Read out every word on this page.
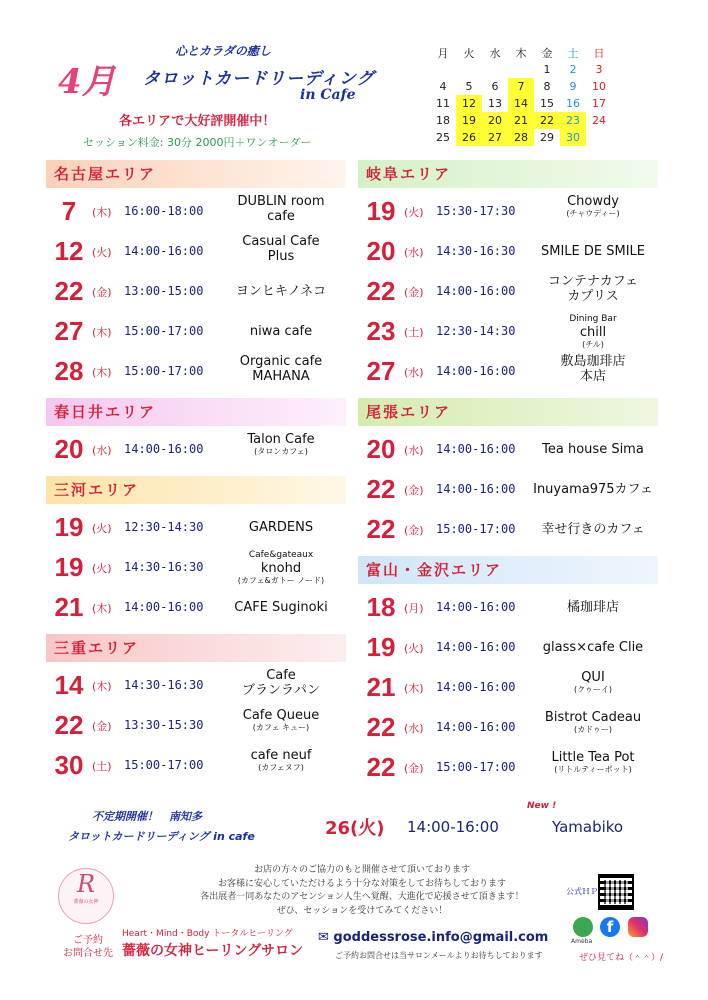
4月
心とカラダの癒し
タロットカードリーディング
in Cafe
各エリアで大好評開催中！
セッション料金: 30分 2000円＋ワンオーダー
月	火	水	木	金	土	日
				1	2	3
4	5	6	7	8	9	10
11	12	13	14	15	16	17
18	19	20	21	22	23	24
25	26	27	28	29	30	
名古屋エリア
7	(木) 16:00-18:00
DUBLIN room
cafe
12 (火) 14:00-16:00
Casual Cafe
Plus
22 (金) 13:00-15:00	ヨンヒキノネコ
27 (木) 15:00-17:00	niwa cafe
28 (木) 15:00-17:00
Organic cafe
MAHANA
春日井エリア
20 (水) 14:00-16:00
Talon Cafe
(タロンカフェ)
三河エリア
19 (火) 12:30-14:30	GARDENS
19 (火) 14:30-16:30
Cafe&gateaux
knohd
(カフェ&ガトー ノード)
21 (木) 14:00-16:00	CAFE Suginoki
三重エリア
14 (木) 14:30-16:30
Cafe
ブランラパン
22 (金) 13:30-15:30
Cafe Queue
(カフェ キュー)
30 (土) 15:00-17:00
cafe neuf
(カフェヌフ)
岐阜エリア
19 (火) 15:30-17:30
Chowdy
(チャウディー)
20 (水) 14:30-16:30	SMILE DE SMILE
22 (金) 14:00-16:00
コンテナカフェ
カプリス
23 (土) 12:30-14:30
Dining Bar
chill
(チル)
27 (水) 14:00-16:00
敷島珈琲店
本店
尾張エリア
20 (水) 14:00-16:00	Tea house Sima
22 (金) 14:00-16:00	Inuyama975カフェ
22 (金) 15:00-17:00	幸せ行きのカフェ
富山・金沢エリア
18 (月) 14:00-16:00	橘珈琲店
19 (火) 14:00-16:00	glass×cafe Clie
21 (木) 14:00-16:00
QUI
(クゥーイ)
22 (水) 14:00-16:00
Bistrot Cadeau
(カドゥー)
22 (金) 15:00-17:00
Little Tea Pot
(リトルティーポット)
New !
不定期開催！　南知多
タロットカードリーディング in cafe	26(火) 14:00-16:00	Yamabiko
お店の方々のご協力のもと開催させて頂いております
お客様に安心していただけるよう十分な対策をしてお待ちしております
各出展者一同あなたのアセンション人生へ覚醒、大進化で応援させて頂きます！
ぜひ、セッションを受けてみてください！
R
薔薇の女神
ご予約
お問合せ先
Heart・Mind・Body トータルヒーリング
薔薇の女神ヒーリングサロン
✉ goddessrose.info@gmail.com
ご予約お問合せは当サロンメールよりお待ちしております
公式ＨＰ
f
Ameba
ぜひ見てね（＾＾）/
